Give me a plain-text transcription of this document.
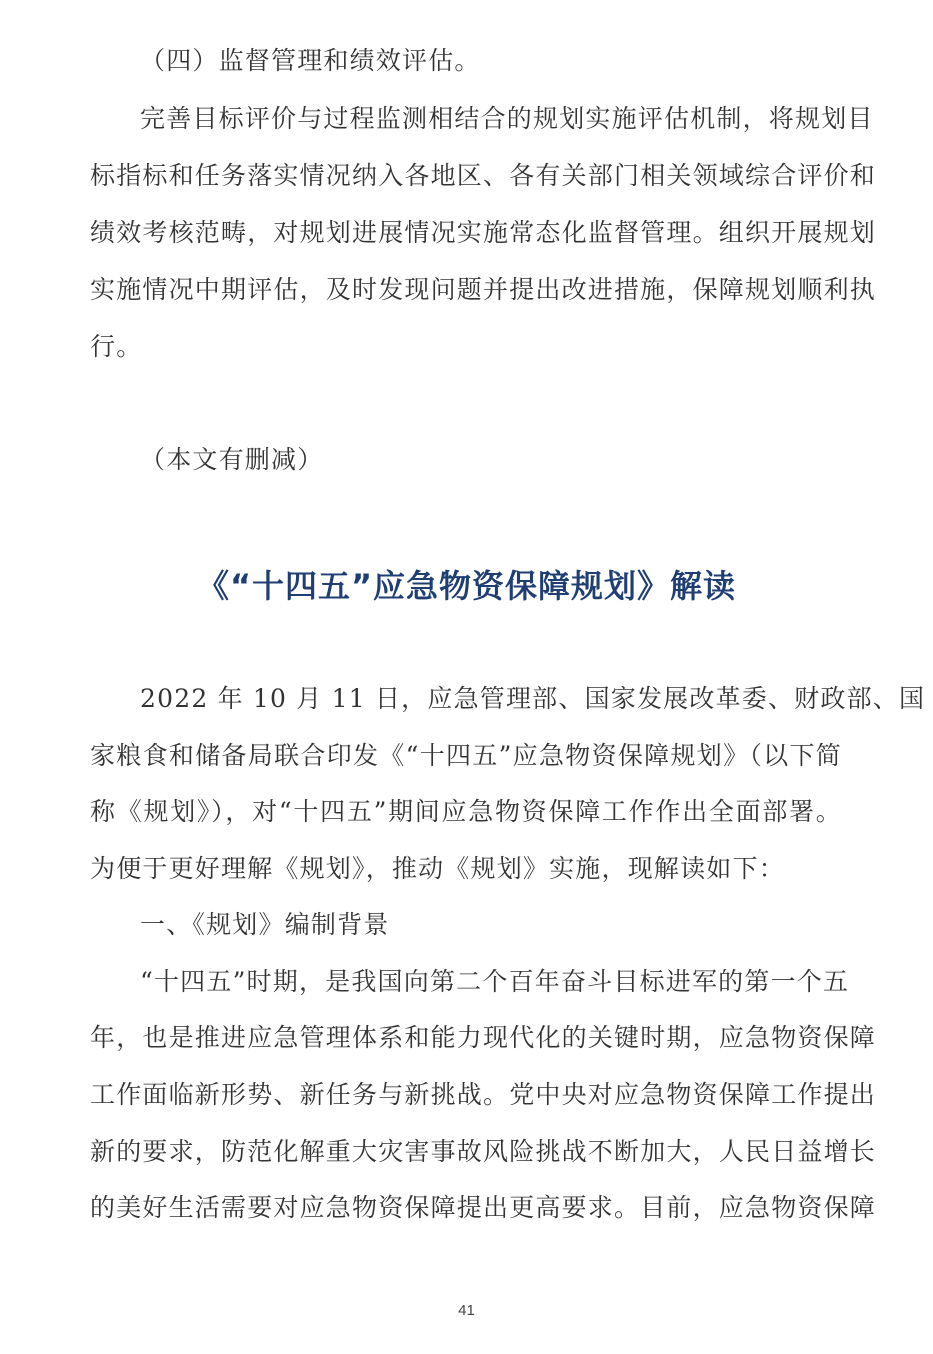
（四）监督管理和绩效评估。
完善目标评价与过程监测相结合的规划实施评估机制，将规划目
标指标和任务落实情况纳入各地区、各有关部门相关领域综合评价和
绩效考核范畴，对规划进展情况实施常态化监督管理。组织开展规划
实施情况中期评估，及时发现问题并提出改进措施，保障规划顺利执
行。
（本文有删减）
《“十四五”应急物资保障规划》解读
2022 年 10 月 11 日，应急管理部、国家发展改革委、财政部、国
家粮食和储备局联合印发《“十四五”应急物资保障规划》（以下简
称《规划》），对“十四五”期间应急物资保障工作作出全面部署。
为便于更好理解《规划》，推动《规划》实施，现解读如下：
一、《规划》编制背景
“十四五”时期，是我国向第二个百年奋斗目标进军的第一个五
年，也是推进应急管理体系和能力现代化的关键时期，应急物资保障
工作面临新形势、新任务与新挑战。党中央对应急物资保障工作提出
新的要求，防范化解重大灾害事故风险挑战不断加大，人民日益增长
的美好生活需要对应急物资保障提出更高要求。目前，应急物资保障
41
